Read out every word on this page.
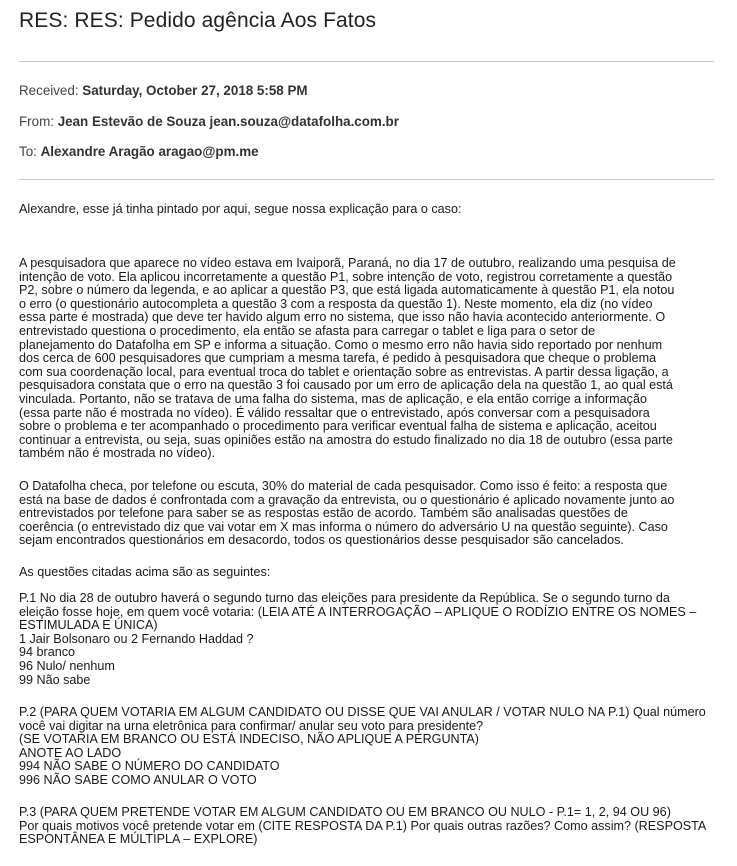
RES: RES: Pedido agência Aos Fatos
Received: Saturday, October 27, 2018 5:58 PM
From: Jean Estevão de Souza jean.souza@datafolha.com.br
To: Alexandre Aragão aragao@pm.me

Alexandre, esse já tinha pintado por aqui, segue nossa explicação para o caso:

A pesquisadora que aparece no vídeo estava em Ivaiporã, Paraná, no dia 17 de outubro, realizando uma pesquisa de
intenção de voto. Ela aplicou incorretamente a questão P1, sobre intenção de voto, registrou corretamente a questão
P2, sobre o número da legenda, e ao aplicar a questão P3, que está ligada automaticamente à questão P1, ela notou
o erro (o questionário autocompleta a questão 3 com a resposta da questão 1). Neste momento, ela diz (no vídeo
essa parte é mostrada) que deve ter havido algum erro no sistema, que isso não havia acontecido anteriormente. O
entrevistado questiona o procedimento, ela então se afasta para carregar o tablet e liga para o setor de
planejamento do Datafolha em SP e informa a situação. Como o mesmo erro não havia sido reportado por nenhum
dos cerca de 600 pesquisadores que cumpriam a mesma tarefa, é pedido à pesquisadora que cheque o problema
com sua coordenação local, para eventual troca do tablet e orientação sobre as entrevistas. A partir dessa ligação, a
pesquisadora constata que o erro na questão 3 foi causado por um erro de aplicação dela na questão 1, ao qual está
vinculada. Portanto, não se tratava de uma falha do sistema, mas de aplicação, e ela então corrige a informação
(essa parte não é mostrada no vídeo). É válido ressaltar que o entrevistado, após conversar com a pesquisadora
sobre o problema e ter acompanhado o procedimento para verificar eventual falha de sistema e aplicação, aceitou
continuar a entrevista, ou seja, suas opiniões estão na amostra do estudo finalizado no dia 18 de outubro (essa parte
também não é mostrada no vídeo).
O Datafolha checa, por telefone ou escuta, 30% do material de cada pesquisador. Como isso é feito: a resposta que
está na base de dados é confrontada com a gravação da entrevista, ou o questionário é aplicado novamente junto ao
entrevistados por telefone para saber se as respostas estão de acordo. Também são analisadas questões de
coerência (o entrevistado diz que vai votar em X mas informa o número do adversário U na questão seguinte). Caso
sejam encontrados questionários em desacordo, todos os questionários desse pesquisador são cancelados.
As questões citadas acima são as seguintes:
P.1 No dia 28 de outubro haverá o segundo turno das eleições para presidente da República. Se o segundo turno da
eleição fosse hoje, em quem você votaria: (LEIA ATÉ A INTERROGAÇÃO – APLIQUE O RODÍZIO ENTRE OS NOMES –
ESTIMULADA E ÚNICA)
1 Jair Bolsonaro ou 2 Fernando Haddad ?
94 branco
96 Nulo/ nenhum
99 Não sabe
P.2 (PARA QUEM VOTARIA EM ALGUM CANDIDATO OU DISSE QUE VAI ANULAR / VOTAR NULO NA P.1) Qual número
você vai digitar na urna eletrônica para confirmar/ anular seu voto para presidente?
(SE VOTARIA EM BRANCO OU ESTÁ INDECISO, NÃO APLIQUE A PERGUNTA)
ANOTE AO LADO
994 NÃO SABE O NÚMERO DO CANDIDATO
996 NÃO SABE COMO ANULAR O VOTO
P.3 (PARA QUEM PRETENDE VOTAR EM ALGUM CANDIDATO OU EM BRANCO OU NULO - P.1= 1, 2, 94 OU 96)
Por quais motivos você pretende votar em (CITE RESPOSTA DA P.1) Por quais outras razões? Como assim? (RESPOSTA
ESPONTÂNEA E MÚLTIPLA – EXPLORE)
